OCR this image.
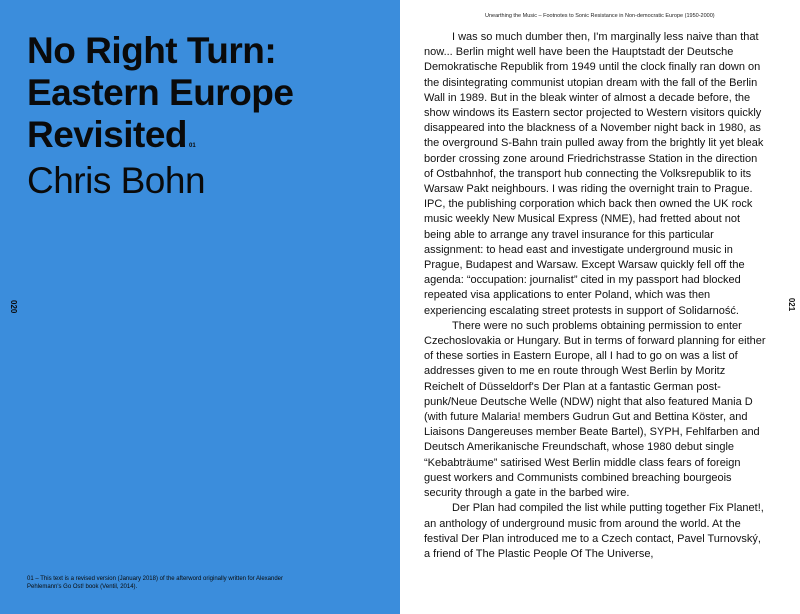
No Right Turn:
Eastern Europe
Revisited 01
Chris Bohn
020
01 – This text is a revised version (January 2018) of the afterword originally written for Alexander Pehlemann's Go Ost! book (Ventil, 2014).
Unearthing the Music – Footnotes to Sonic Resistance in Non-democratic Europe (1950-2000)

I was so much dumber then, I'm marginally less naive than that now... Berlin might well have been the Hauptstadt der Deutsche Demokratische Republik from 1949 until the clock finally ran down on the disintegrating communist utopian dream with the fall of the Berlin Wall in 1989. But in the bleak winter of almost a decade before, the show windows its Eastern sector projected to Western visitors quickly disappeared into the blackness of a November night back in 1980, as the overground S-Bahn train pulled away from the brightly lit yet bleak border crossing zone around Friedrichstrasse Station in the direction of Ostbahnhof, the transport hub connecting the Volksrepublik to its Warsaw Pakt neighbours. I was riding the overnight train to Prague. IPC, the publishing corporation which back then owned the UK rock music weekly New Musical Express (NME), had fretted about not being able to arrange any travel insurance for this particular assignment: to head east and investigate underground music in Prague, Budapest and Warsaw. Except Warsaw quickly fell off the agenda: “occupation: journalist” cited in my passport had blocked repeated visa applications to enter Poland, which was then experiencing escalating street protests in support of Solidarność.

There were no such problems obtaining permission to enter Czechoslovakia or Hungary. But in terms of forward planning for either of these sorties in Eastern Europe, all I had to go on was a list of addresses given to me en route through West Berlin by Moritz Reichelt of Düsseldorf's Der Plan at a fantastic German post-punk/Neue Deutsche Welle (NDW) night that also featured Mania D (with future Malaria! members Gudrun Gut and Bettina Köster, and Liaisons Dangereuses member Beate Bartel), SYPH, Fehlfarben and Deutsch Amerikanische Freundschaft, whose 1980 debut single “Kebabträume” satirised West Berlin middle class fears of foreign guest workers and Communists combined breaching bourgeois security through a gate in the barbed wire.

Der Plan had compiled the list while putting together Fix Planet!, an anthology of underground music from around the world. At the festival Der Plan introduced me to a Czech contact, Pavel Turnovský, a friend of The Plastic People Of The Universe,

021
